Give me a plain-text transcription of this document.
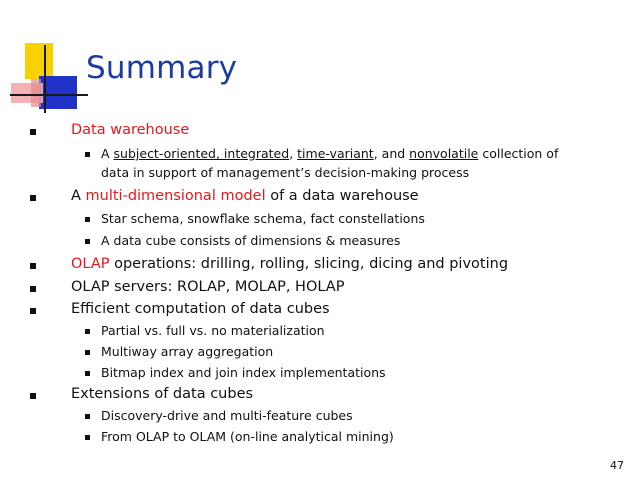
Summary
Data warehouse
A subject-oriented, integrated, time-variant, and nonvolatile collection of
data in support of management’s decision-making process
A multi-dimensional model of a data warehouse
Star schema, snowflake schema, fact constellations
A data cube consists of dimensions & measures
OLAP operations: drilling, rolling, slicing, dicing and pivoting
OLAP servers: ROLAP, MOLAP, HOLAP
Efficient computation of data cubes
Partial vs. full vs. no materialization
Multiway array aggregation
Bitmap index and join index implementations
Extensions of data cubes
Discovery-drive and multi-feature cubes
From OLAP to OLAM (on-line analytical mining)
47
